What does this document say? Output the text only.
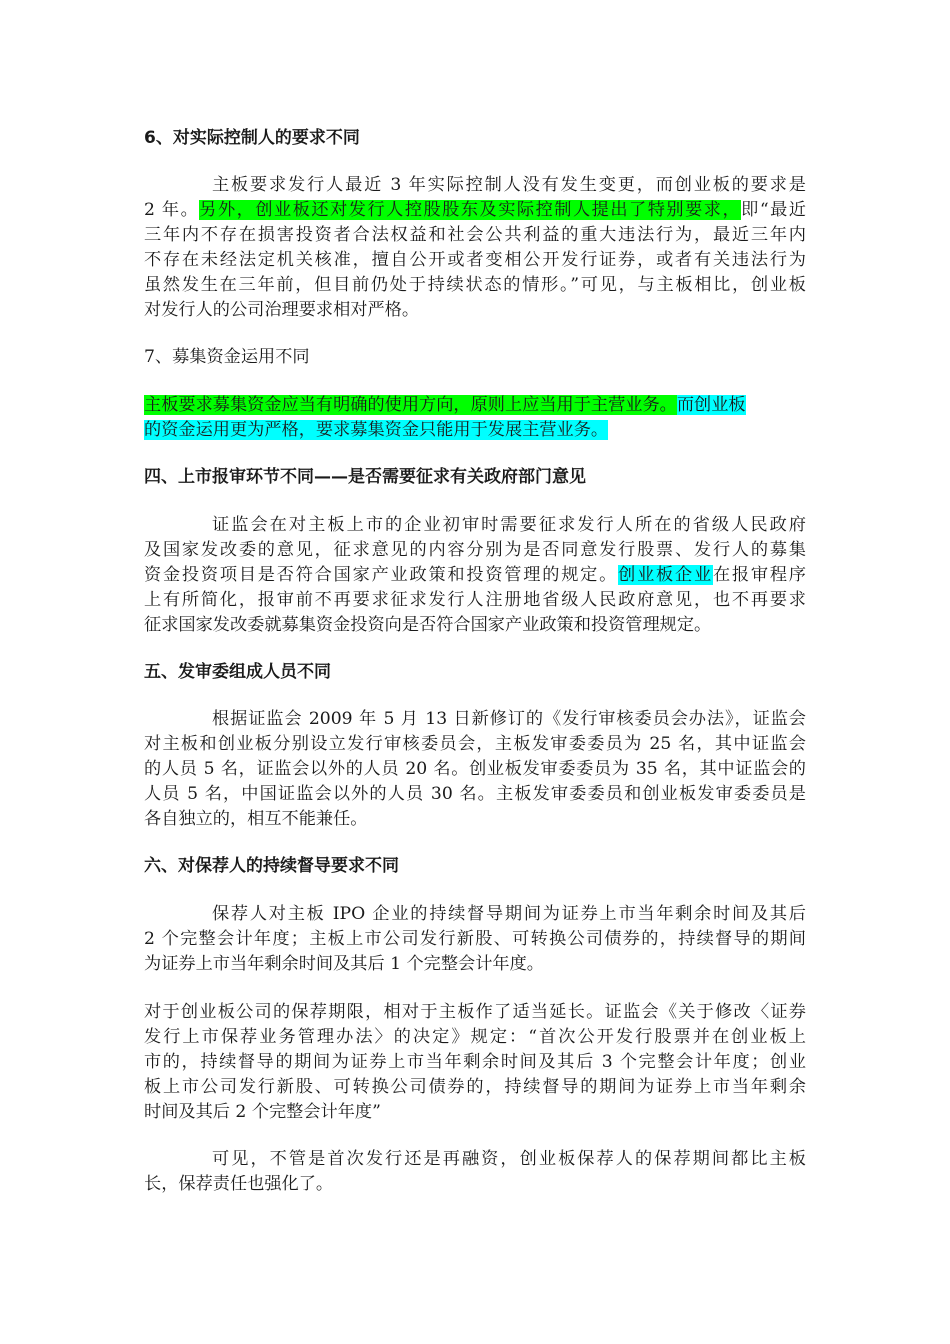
6、对实际控制人的要求不同
主板要求发行人最近 3 年实际控制人没有发生变更，而创业板的要求是
2 年。另外，创业板还对发行人控股股东及实际控制人提出了特别要求，即“最近
三年内不存在损害投资者合法权益和社会公共利益的重大违法行为，最近三年内
不存在未经法定机关核准，擅自公开或者变相公开发行证券，或者有关违法行为
虽然发生在三年前，但目前仍处于持续状态的情形。”可见，与主板相比，创业板
对发行人的公司治理要求相对严格。
7、募集资金运用不同
主板要求募集资金应当有明确的使用方向，原则上应当用于主营业务。而创业板
的资金运用更为严格，要求募集资金只能用于发展主营业务。
四、上市报审环节不同——是否需要征求有关政府部门意见
证监会在对主板上市的企业初审时需要征求发行人所在的省级人民政府
及国家发改委的意见，征求意见的内容分别为是否同意发行股票、发行人的募集
资金投资项目是否符合国家产业政策和投资管理的规定。创业板企业在报审程序
上有所简化，报审前不再要求征求发行人注册地省级人民政府意见，也不再要求
征求国家发改委就募集资金投资向是否符合国家产业政策和投资管理规定。
五、发审委组成人员不同
根据证监会 2009 年 5 月 13 日新修订的《发行审核委员会办法》，证监会
对主板和创业板分别设立发行审核委员会，主板发审委委员为 25 名，其中证监会
的人员 5 名，证监会以外的人员 20 名。创业板发审委委员为 35 名，其中证监会的
人员 5 名，中国证监会以外的人员 30 名。主板发审委委员和创业板发审委委员是
各自独立的，相互不能兼任。
六、对保荐人的持续督导要求不同
保荐人对主板 IPO 企业的持续督导期间为证券上市当年剩余时间及其后
2 个完整会计年度；主板上市公司发行新股、可转换公司债券的，持续督导的期间
为证券上市当年剩余时间及其后 1 个完整会计年度。
对于创业板公司的保荐期限，相对于主板作了适当延长。证监会《关于修改〈证券
发行上市保荐业务管理办法〉的决定》规定：“首次公开发行股票并在创业板上
市的，持续督导的期间为证券上市当年剩余时间及其后 3 个完整会计年度；创业
板上市公司发行新股、可转换公司债券的，持续督导的期间为证券上市当年剩余
时间及其后 2 个完整会计年度”
可见，不管是首次发行还是再融资，创业板保荐人的保荐期间都比主板
长，保荐责任也强化了。
